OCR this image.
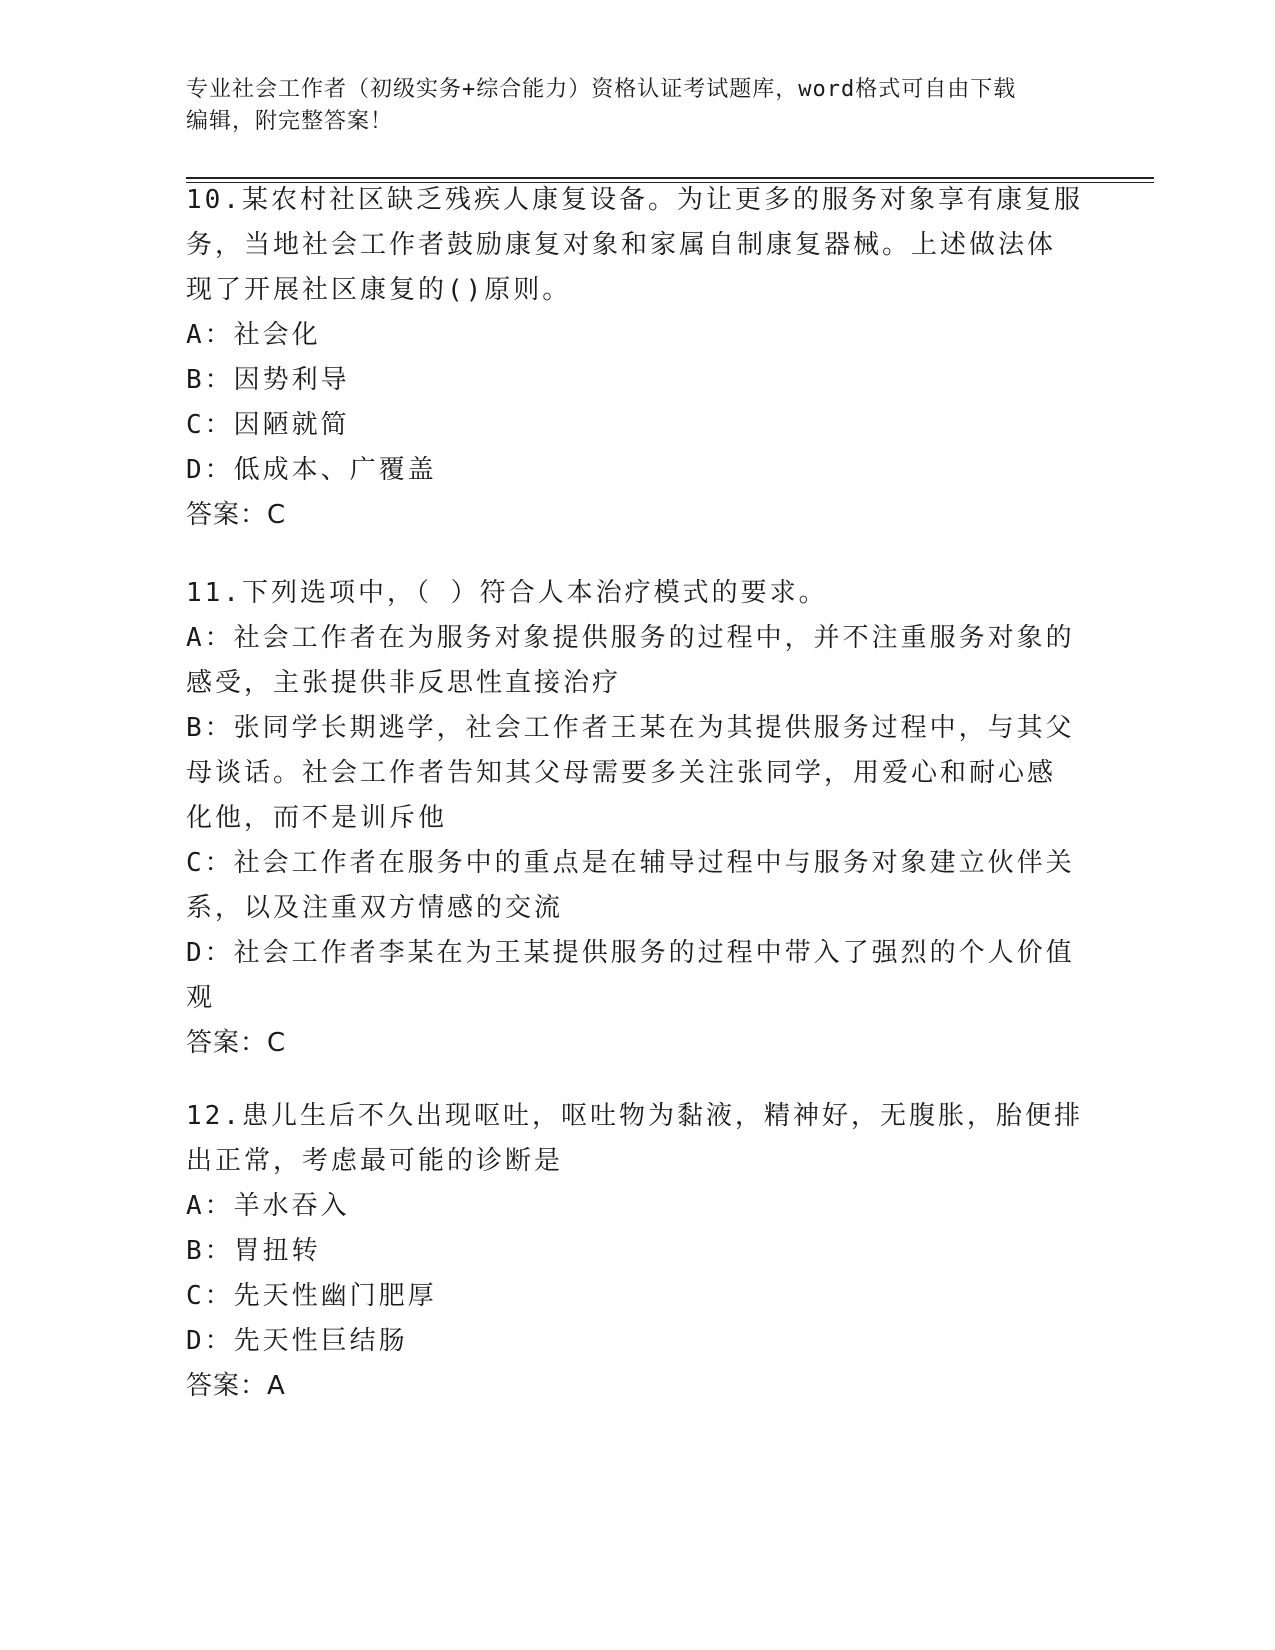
专业社会工作者（初级实务+综合能力）资格认证考试题库，word格式可自由下载
编辑，附完整答案！
10.某农村社区缺乏残疾人康复设备。为让更多的服务对象享有康复服
务，当地社会工作者鼓励康复对象和家属自制康复器械。上述做法体
现了开展社区康复的()原则。
A：社会化
B：因势利导
C：因陋就简
D：低成本、广覆盖
答案：C
11.下列选项中，（ ）符合人本治疗模式的要求。
A：社会工作者在为服务对象提供服务的过程中，并不注重服务对象的
感受，主张提供非反思性直接治疗
B：张同学长期逃学，社会工作者王某在为其提供服务过程中，与其父
母谈话。社会工作者告知其父母需要多关注张同学，用爱心和耐心感
化他，而不是训斥他
C：社会工作者在服务中的重点是在辅导过程中与服务对象建立伙伴关
系，以及注重双方情感的交流
D：社会工作者李某在为王某提供服务的过程中带入了强烈的个人价值
观
答案：C
12.患儿生后不久出现呕吐，呕吐物为黏液，精神好，无腹胀，胎便排
出正常，考虑最可能的诊断是
A：羊水吞入
B：胃扭转
C：先天性幽门肥厚
D：先天性巨结肠
答案：A
